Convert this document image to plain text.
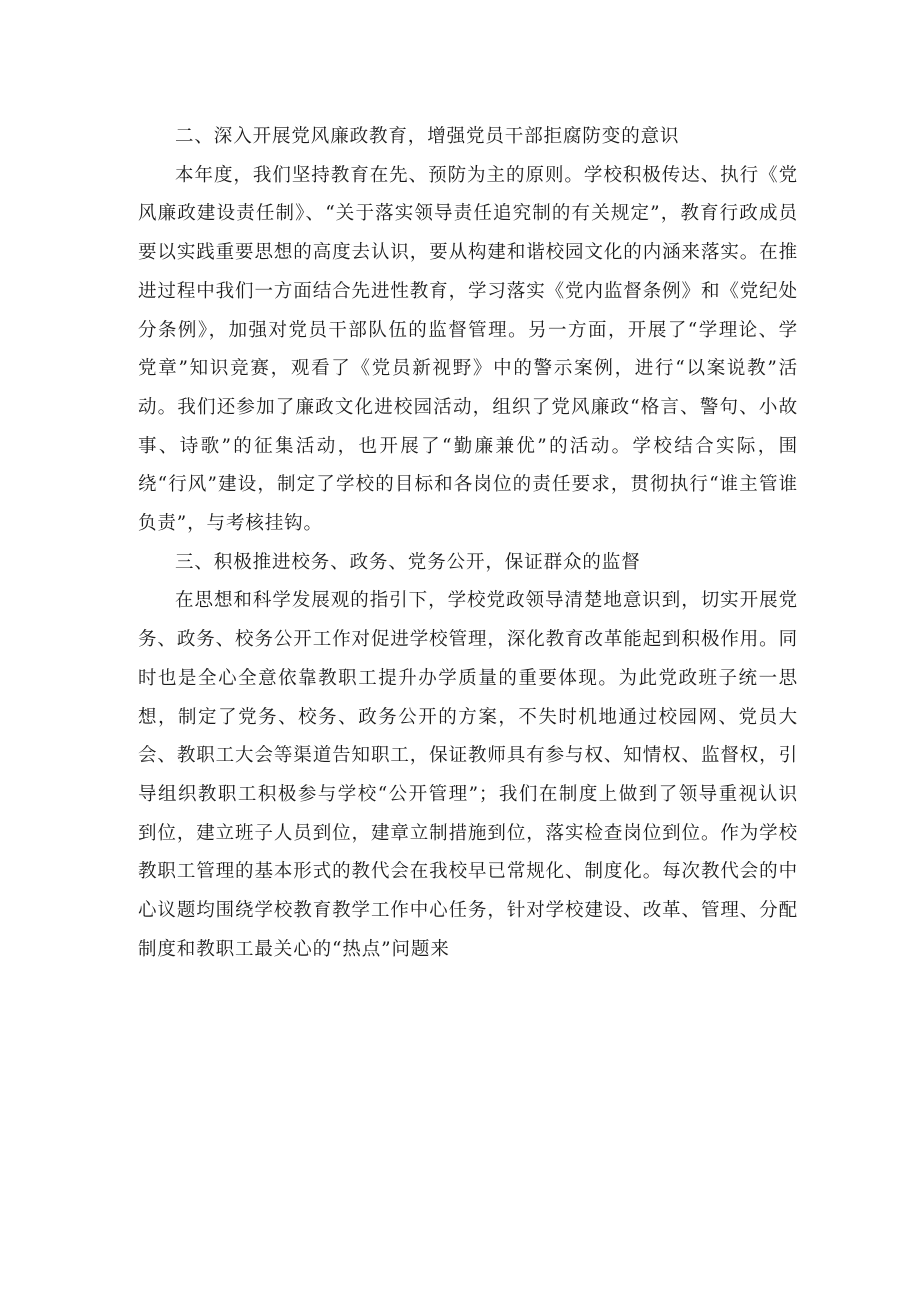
二、深入开展党风廉政教育，增强党员干部拒腐防变的意识

本年度，我们坚持教育在先、预防为主的原则。学校积极传达、执行《党风廉政建设责任制》、“关于落实领导责任追究制的有关规定”，教育行政成员要以实践重要思想的高度去认识，要从构建和谐校园文化的内涵来落实。在推进过程中我们一方面结合先进性教育，学习落实《党内监督条例》和《党纪处分条例》，加强对党员干部队伍的监督管理。另一方面，开展了“学理论、学党章”知识竞赛，观看了《党员新视野》中的警示案例，进行“以案说教”活动。我们还参加了廉政文化进校园活动，组织了党风廉政“格言、警句、小故事、诗歌”的征集活动，也开展了“勤廉兼优”的活动。学校结合实际，围绕“行风”建设，制定了学校的目标和各岗位的责任要求，贯彻执行“谁主管谁负责”，与考核挂钩。

三、积极推进校务、政务、党务公开，保证群众的监督

在思想和科学发展观的指引下，学校党政领导清楚地意识到，切实开展党务、政务、校务公开工作对促进学校管理，深化教育改革能起到积极作用。同时也是全心全意依靠教职工提升办学质量的重要体现。为此党政班子统一思想，制定了党务、校务、政务公开的方案，不失时机地通过校园网、党员大会、教职工大会等渠道告知职工，保证教师具有参与权、知情权、监督权，引导组织教职工积极参与学校“公开管理”；我们在制度上做到了领导重视认识到位，建立班子人员到位，建章立制措施到位，落实检查岗位到位。作为学校教职工管理的基本形式的教代会在我校早已常规化、制度化。每次教代会的中心议题均围绕学校教育教学工作中心任务，针对学校建设、改革、管理、分配制度和教职工最关心的“热点”问题来
